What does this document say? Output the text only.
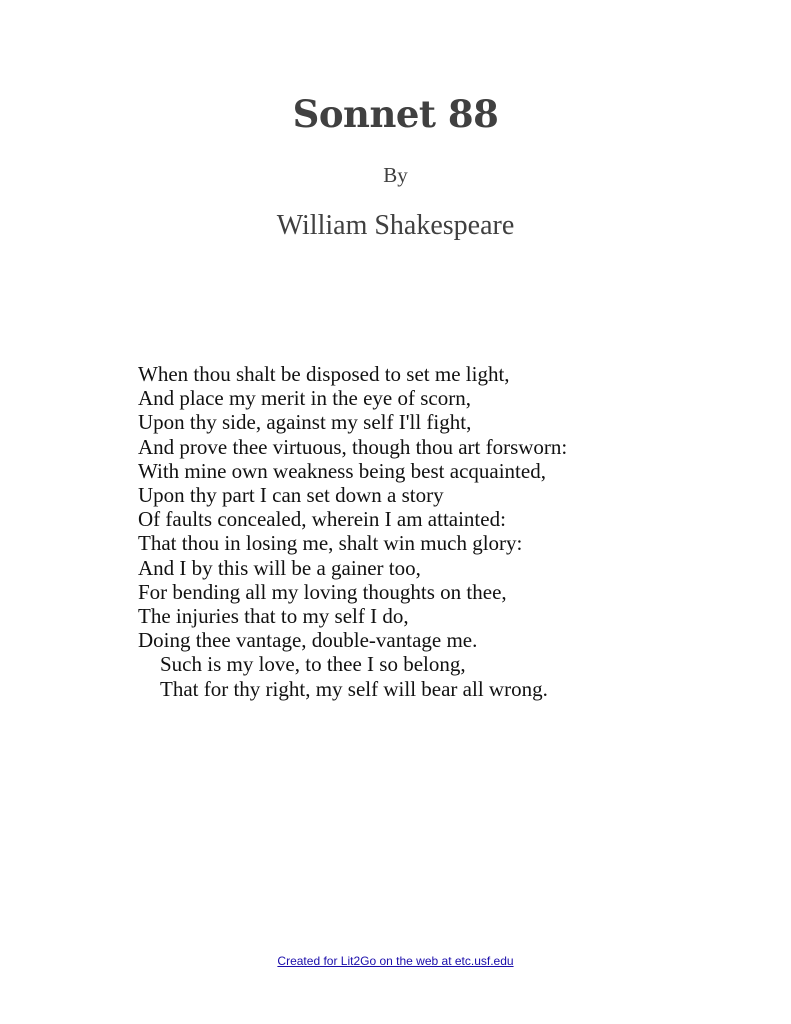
Sonnet 88
By
William Shakespeare
When thou shalt be disposed to set me light,
And place my merit in the eye of scorn,
Upon thy side, against my self I'll fight,
And prove thee virtuous, though thou art forsworn:
With mine own weakness being best acquainted,
Upon thy part I can set down a story
Of faults concealed, wherein I am attainted:
That thou in losing me, shalt win much glory:
And I by this will be a gainer too,
For bending all my loving thoughts on thee,
The injuries that to my self I do,
Doing thee vantage, double-vantage me.
Such is my love, to thee I so belong,
That for thy right, my self will bear all wrong.
Created for Lit2Go on the web at etc.usf.edu
